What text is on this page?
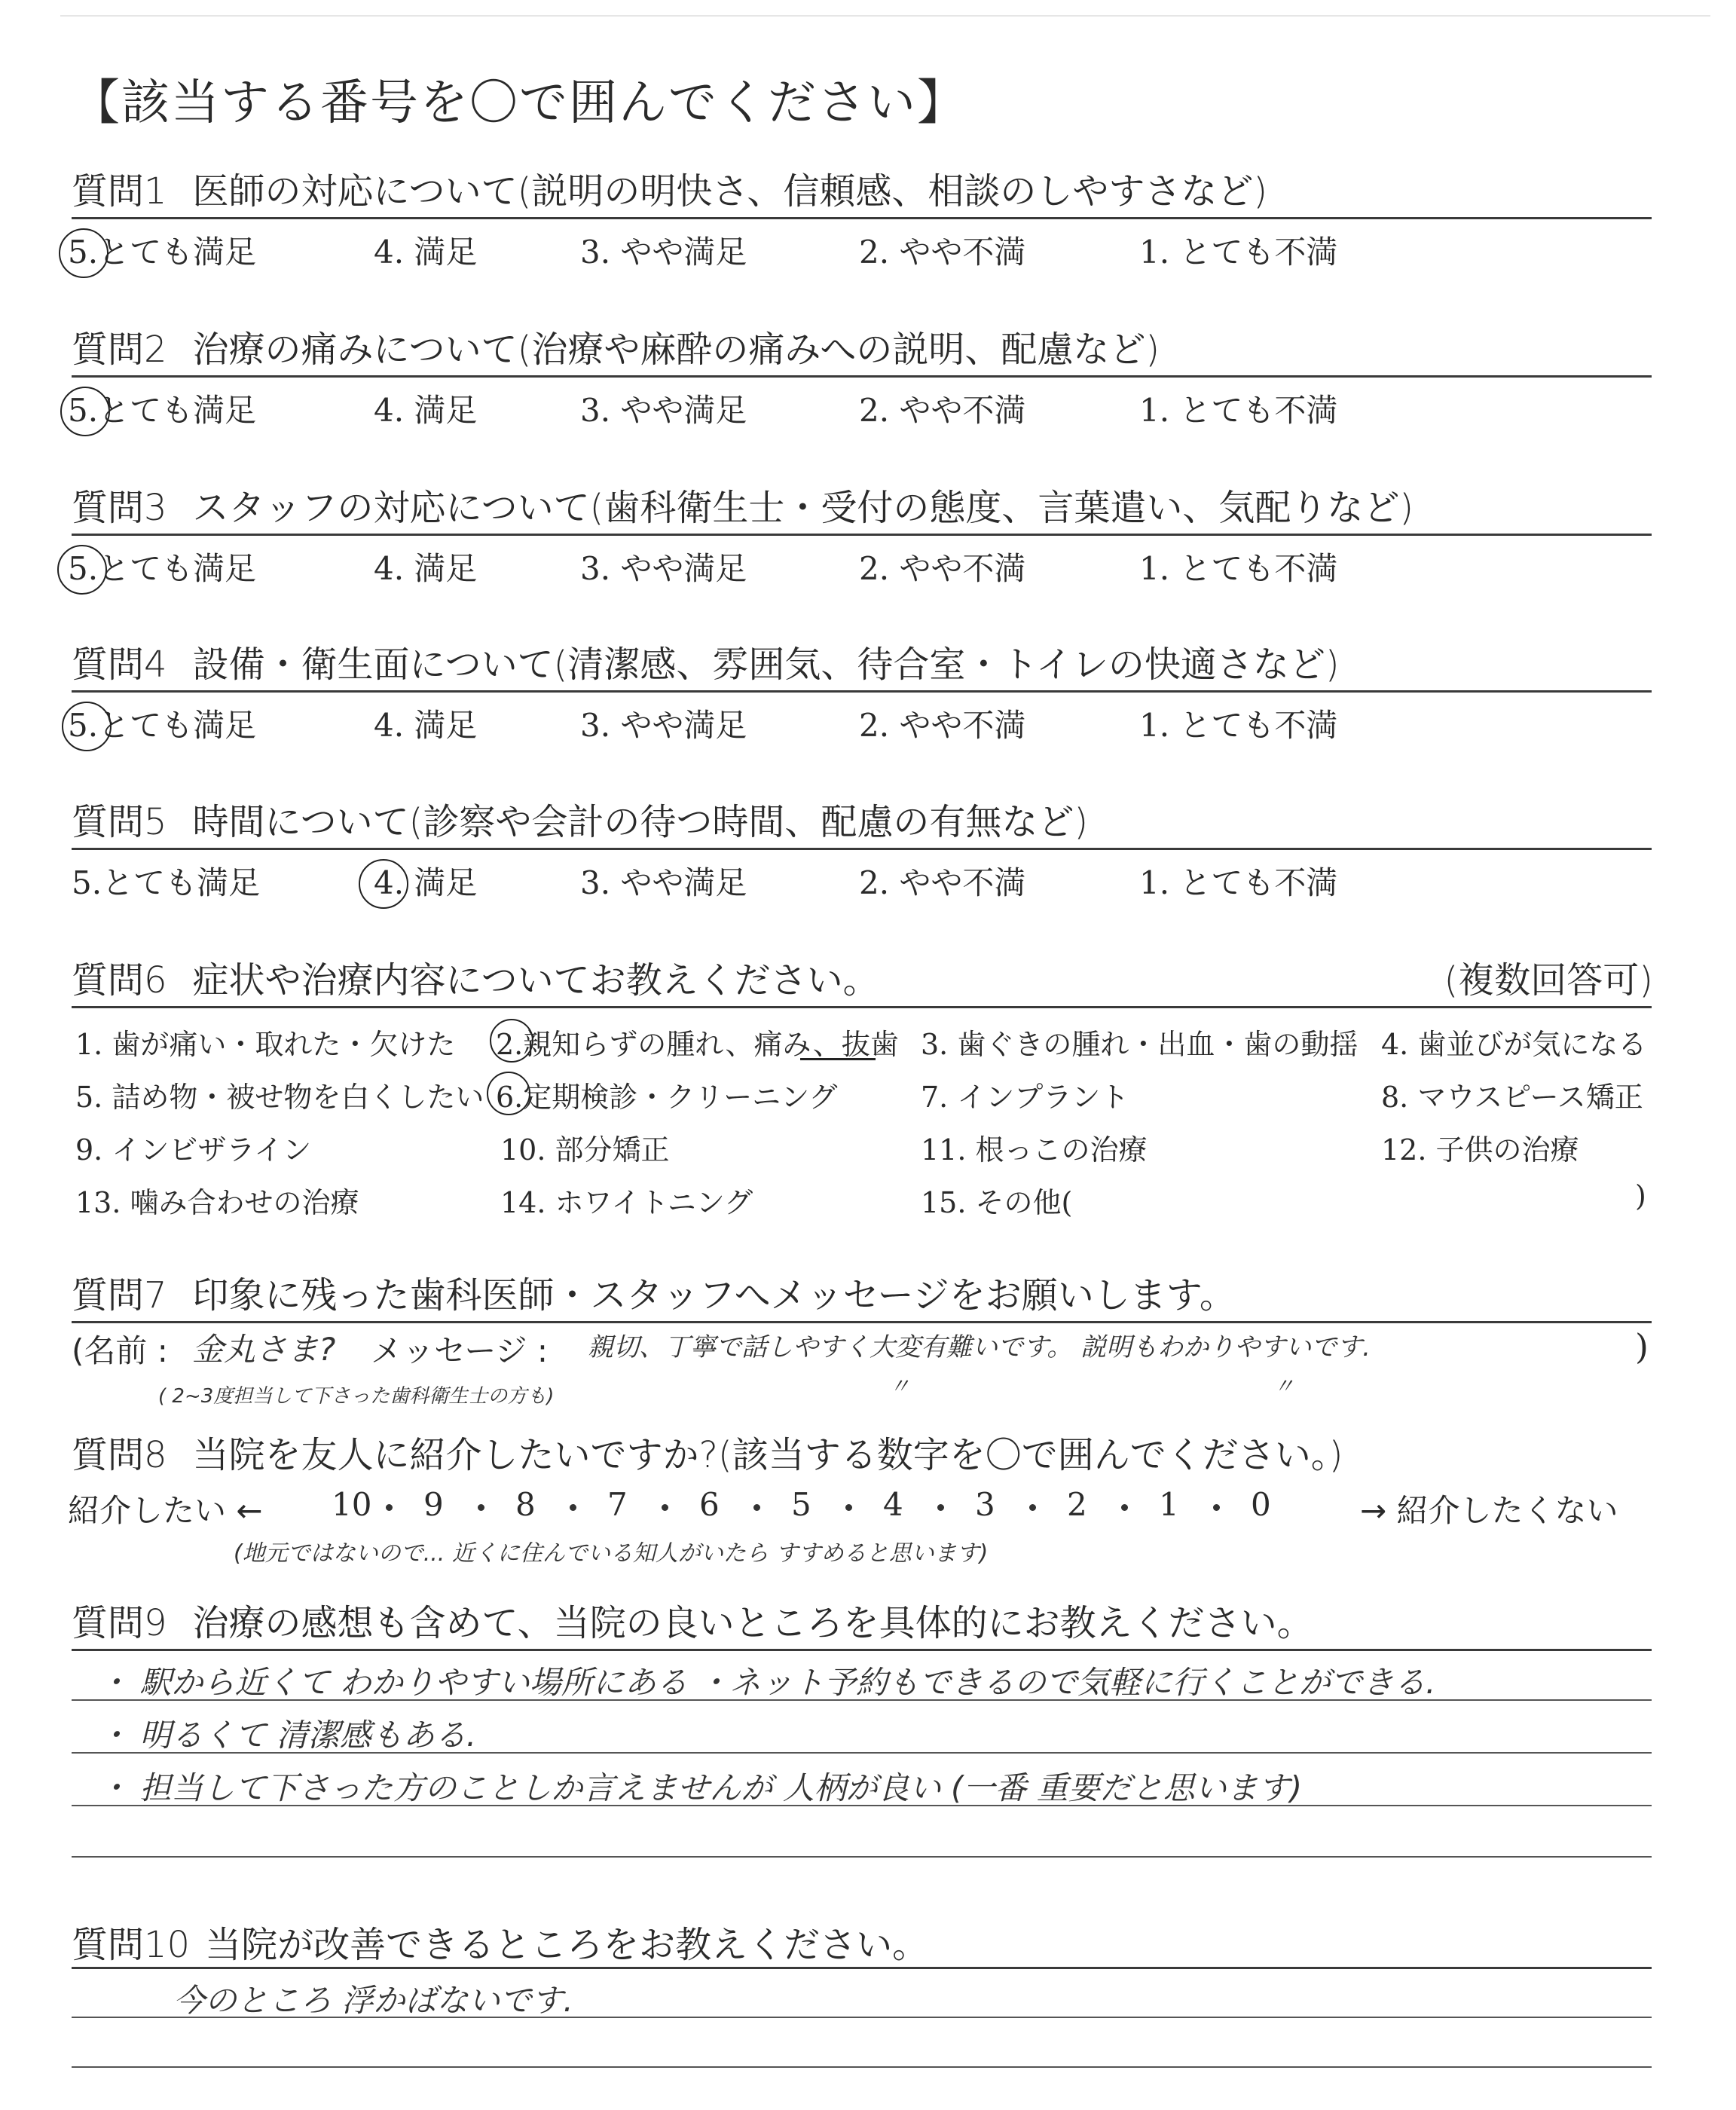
【該当する番号を〇で囲んでください】
質問1 医師の対応について(説明の明快さ、信頼感、相談のしやすさなど)
5.とても満足	4. 満足	3. やや満足	2. やや不満	1. とても不満
質問2 治療の痛みについて(治療や麻酔の痛みへの説明、配慮など)
5.とても満足	4. 満足	3. やや満足	2. やや不満	1. とても不満
質問3 スタッフの対応について(歯科衛生士・受付の態度、言葉遣い、気配りなど)
5.とても満足	4. 満足	3. やや満足	2. やや不満	1. とても不満
質問4 設備・衛生面について(清潔感、雰囲気、待合室・トイレの快適さなど)
5.とても満足	4. 満足	3. やや満足	2. やや不満	1. とても不満
質問5 時間について(診察や会計の待つ時間、配慮の有無など)
5.とても満足	4. 満足	3. やや満足	2. やや不満	1. とても不満
質問6 症状や治療内容についてお教えください。	(複数回答可)
1. 歯が痛い・取れた・欠けた 2.親知らずの腫れ、痛み、抜歯 3. 歯ぐきの腫れ・出血・歯の動揺 4. 歯並びが気になる
5. 詰め物・被せ物を白くしたい 6.定期検診・クリーニング	7. インプラント	8. マウスピース矯正
9. インビザライン	10. 部分矯正	11. 根っこの治療	12. 子供の治療
13. 噛み合わせの治療	14. ホワイトニング	15. その他(	)
質問7 印象に残った歯科医師・スタッフへメッセージをお願いします。
(名前 : 金丸さま? メッセージ : 親切、丁寧で話しやすく大変有難いです。 説明もわかりやすいです.	)
( 2~3度担当して下さった歯科衛生士の方も)	〃	〃
質問8 当院を友人に紹介したいですか?(該当する数字を〇で囲んでください。)
紹介したい ← 10 9 8 7 6 5 4 3 2 1 0	→ 紹介したくない
(地元ではないので... 近くに住んでいる知人がいたら すすめると思います)
質問9 治療の感想も含めて、当院の良いところを具体的にお教えください。
・ 駅から近くて わかりやすい場所にある ・ネット予約もできるので気軽に行くことができる.
・ 明るくて 清潔感もある.
・ 担当して下さった方のことしか言えませんが 人柄が良い (一番 重要だと思います)
質問10 当院が改善できるところをお教えください。
今のところ 浮かばないです.
